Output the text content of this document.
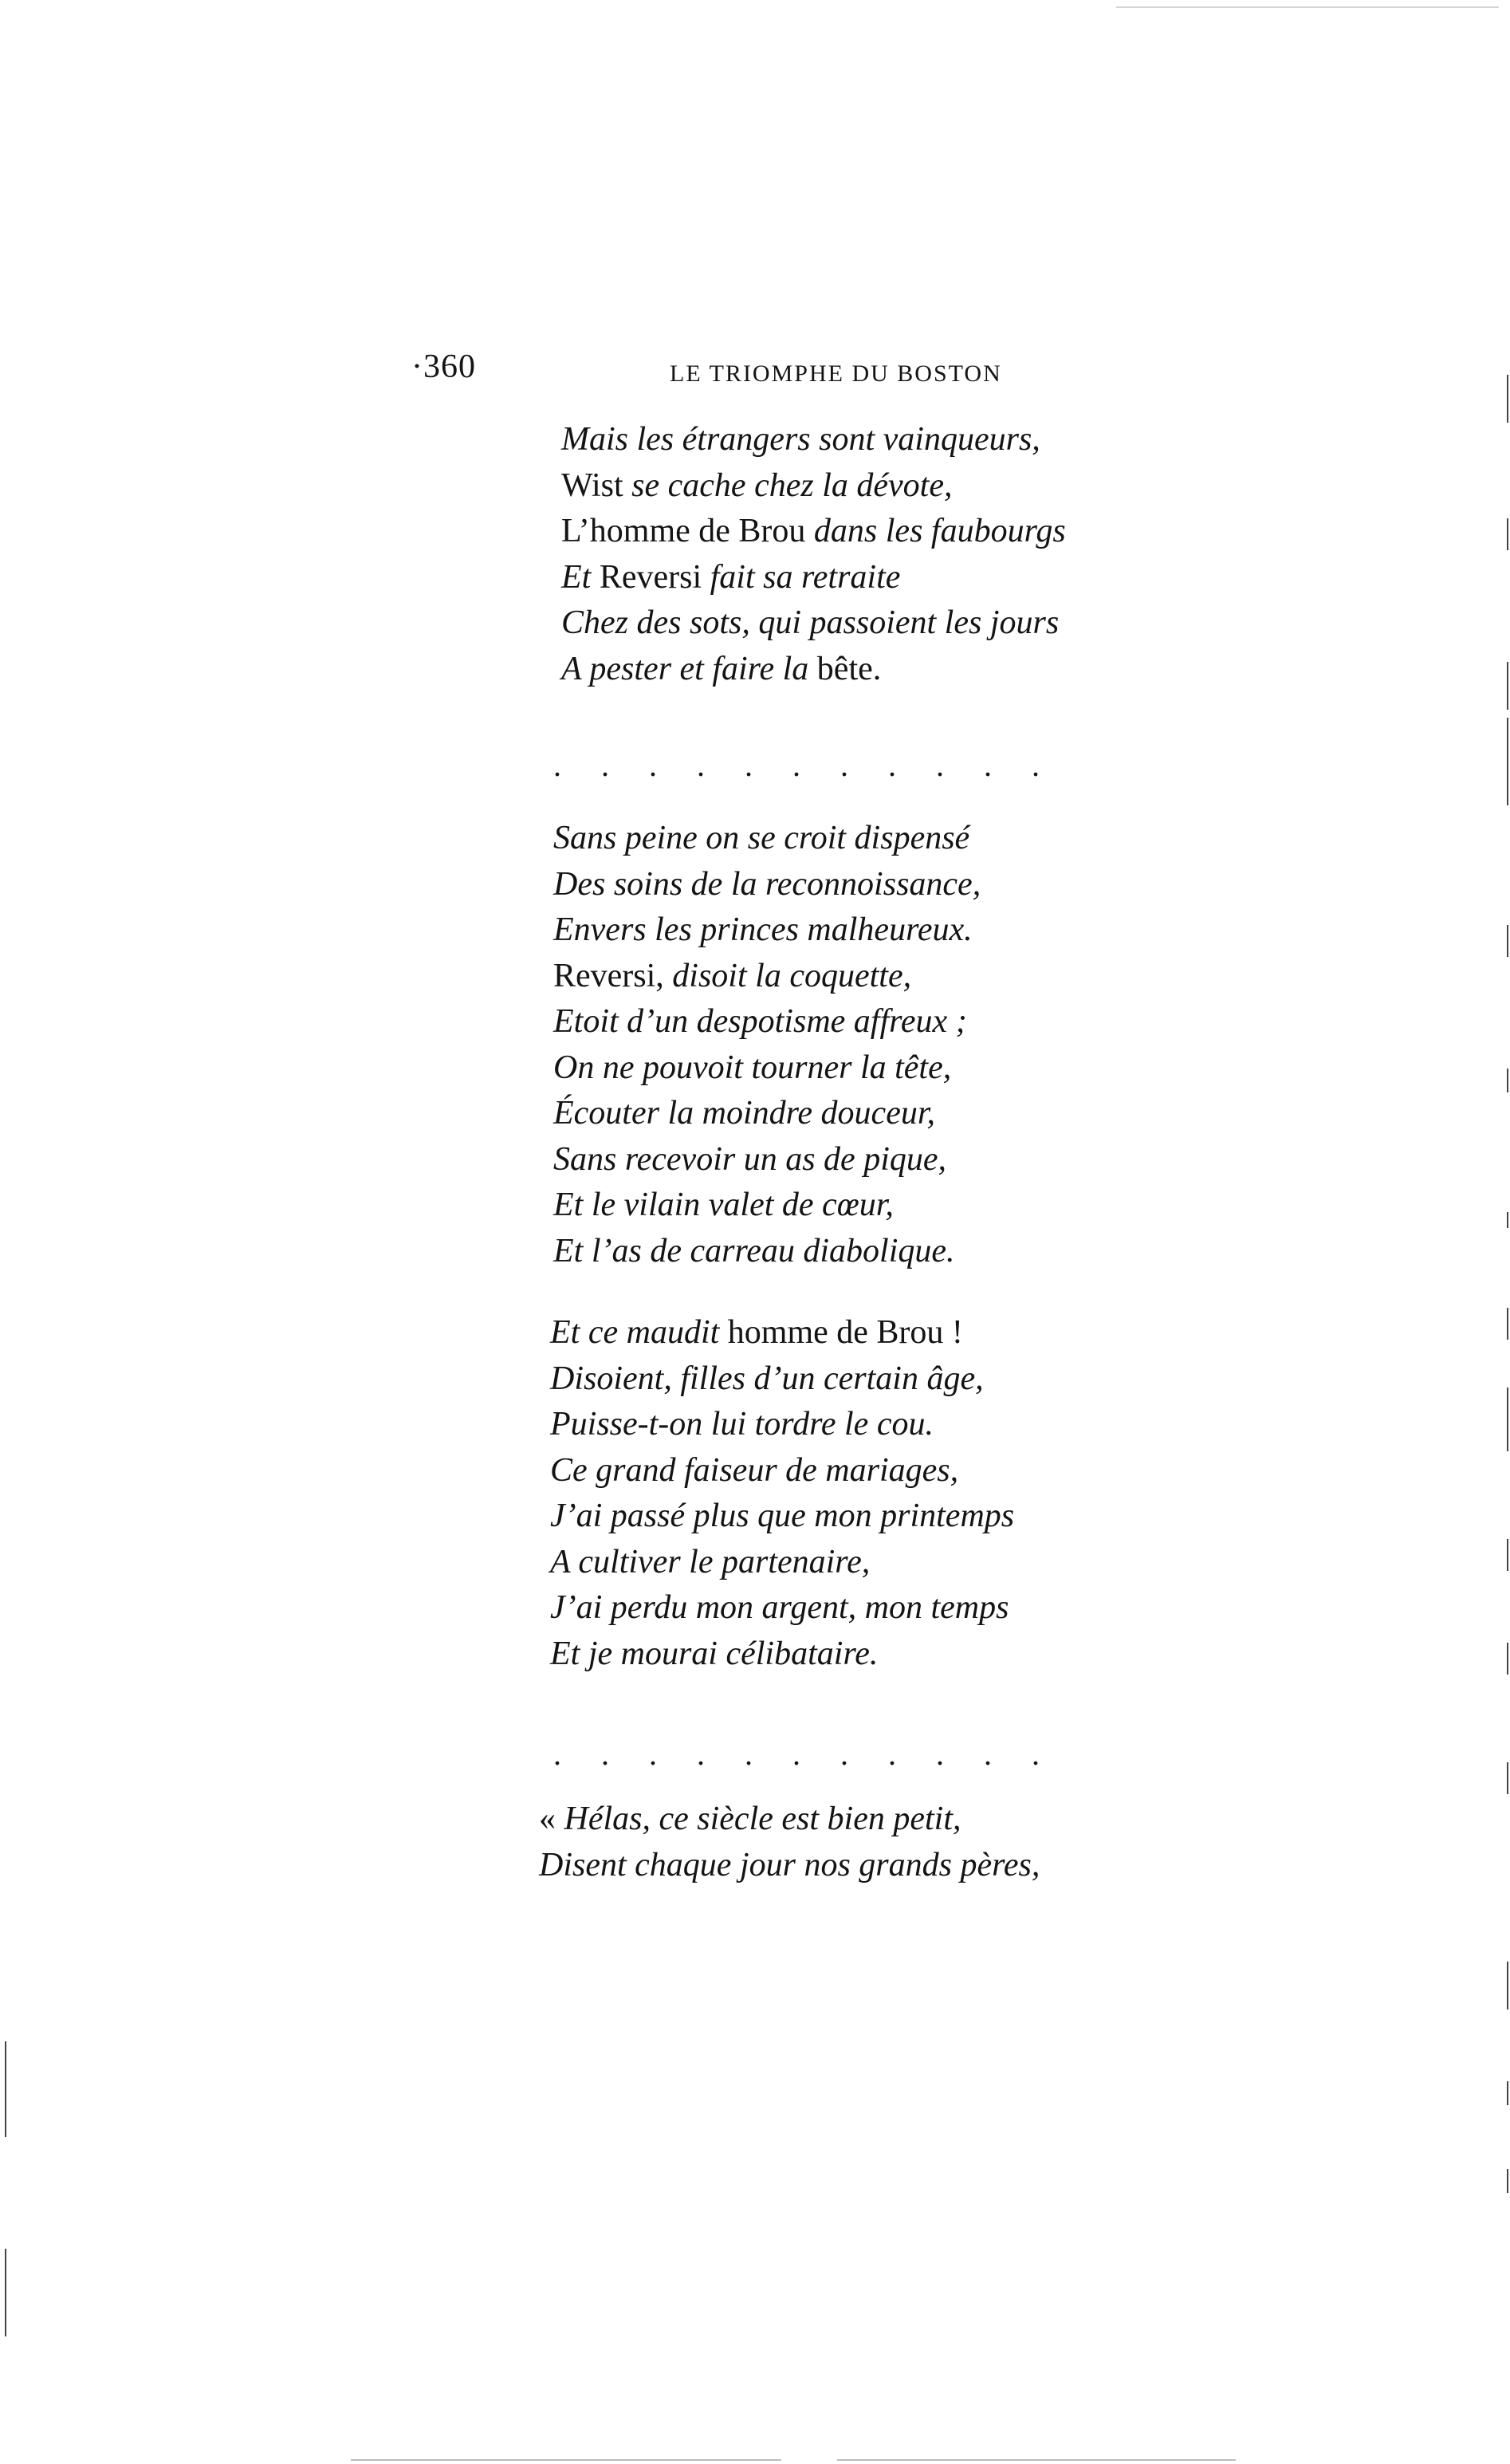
·360	LE TRIOMPHE DU BOSTON
Mais les étrangers sont vainqueurs,
Wist se cache chez la dévote,
L’homme de Brou dans les faubourgs
Et Reversi fait sa retraite
Chez des sots, qui passoient les jours
A pester et faire la bête.
.     .     .     .     .     .     .     .     .     .     .
Sans peine on se croit dispensé
Des soins de la reconnoissance,
Envers les princes malheureux.
Reversi, disoit la coquette,
Etoit d’un despotisme affreux ;
On ne pouvoit tourner la tête,
Écouter la moindre douceur,
Sans recevoir un as de pique,
Et le vilain valet de cœur,
Et l’as de carreau diabolique.
Et ce maudit homme de Brou !
Disoient, filles d’un certain âge,
Puisse-t-on lui tordre le cou.
Ce grand faiseur de mariages,
J’ai passé plus que mon printemps
A cultiver le partenaire,
J’ai perdu mon argent, mon temps
Et je mourai célibataire.
.     .     .     .     .     .     .     .     .     .     .
« Hélas, ce siècle est bien petit,
Disent chaque jour nos grands pères,
